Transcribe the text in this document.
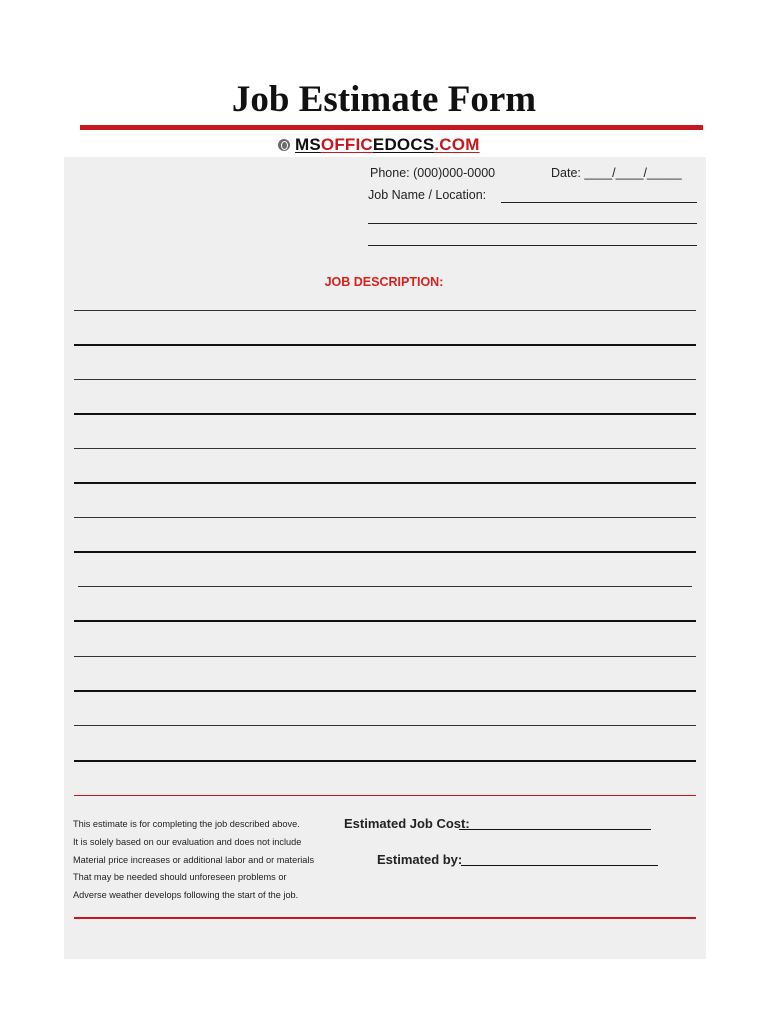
Job Estimate Form
MSOFFICEDOCS.COM
Phone: (000)000-0000	Date: ____/____/_____
Job Name / Location:
JOB DESCRIPTION:
This estimate is for completing the job described above.
It is solely based on our evaluation and does not include
Material price increases or additional labor and or materials
That may be needed should unforeseen problems or
Adverse weather develops following the start of the job.
Estimated Job Cost:
Estimated by:
